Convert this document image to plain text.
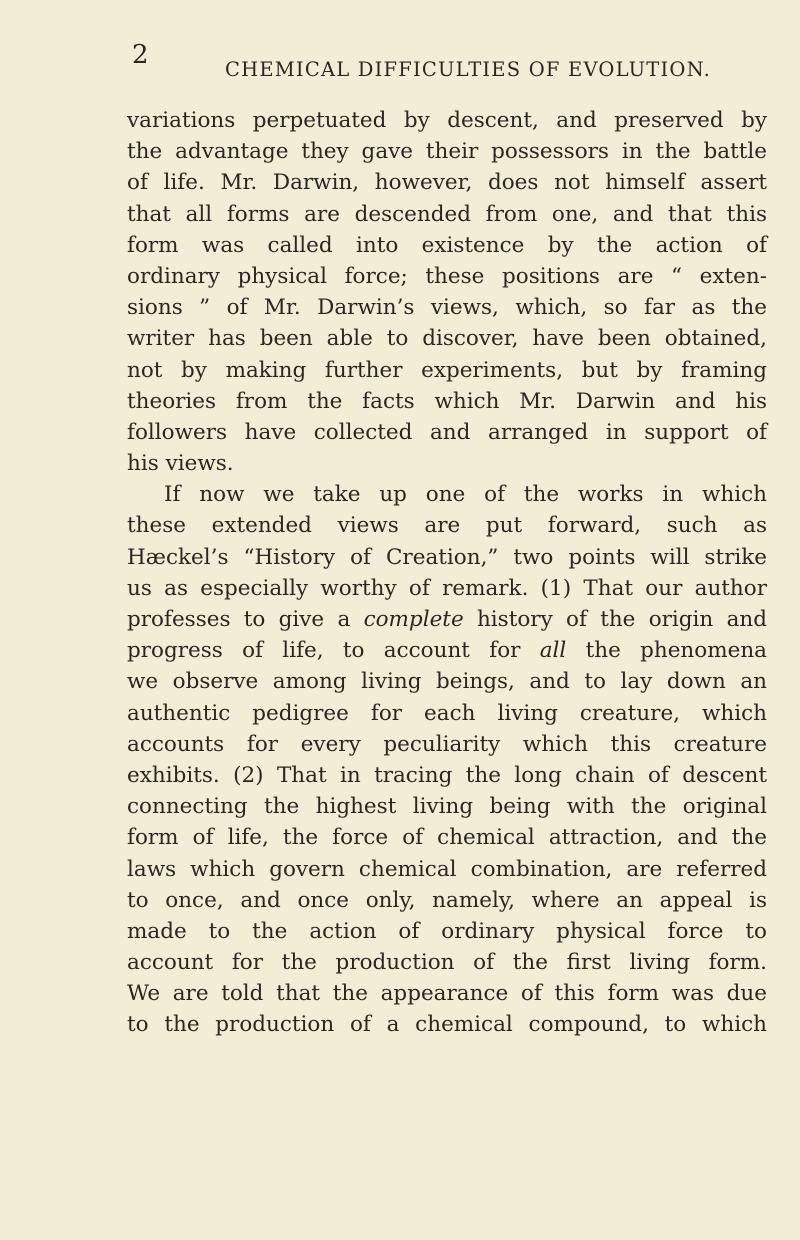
2	CHEMICAL DIFFICULTIES OF EVOLUTION.
variations perpetuated by descent, and preserved by
the advantage they gave their possessors in the battle
of life. Mr. Darwin, however, does not himself assert
that all forms are descended from one, and that this
form was called into existence by the action of
ordinary physical force; these positions are “ exten-
sions ” of Mr. Darwin’s views, which, so far as the
writer has been able to discover, have been obtained,
not by making further experiments, but by framing
theories from the facts which Mr. Darwin and his
followers have collected and arranged in support of
his views.
If now we take up one of the works in which
these extended views are put forward, such as
Hæckel’s “History of Creation,” two points will strike
us as especially worthy of remark. (1) That our author
professes to give a complete history of the origin and
progress of life, to account for all the phenomena
we observe among living beings, and to lay down an
authentic pedigree for each living creature, which
accounts for every peculiarity which this creature
exhibits. (2) That in tracing the long chain of descent
connecting the highest living being with the original
form of life, the force of chemical attraction, and the
laws which govern chemical combination, are referred
to once, and once only, namely, where an appeal is
made to the action of ordinary physical force to
account for the production of the first living form.
We are told that the appearance of this form was due
to the production of a chemical compound, to which
